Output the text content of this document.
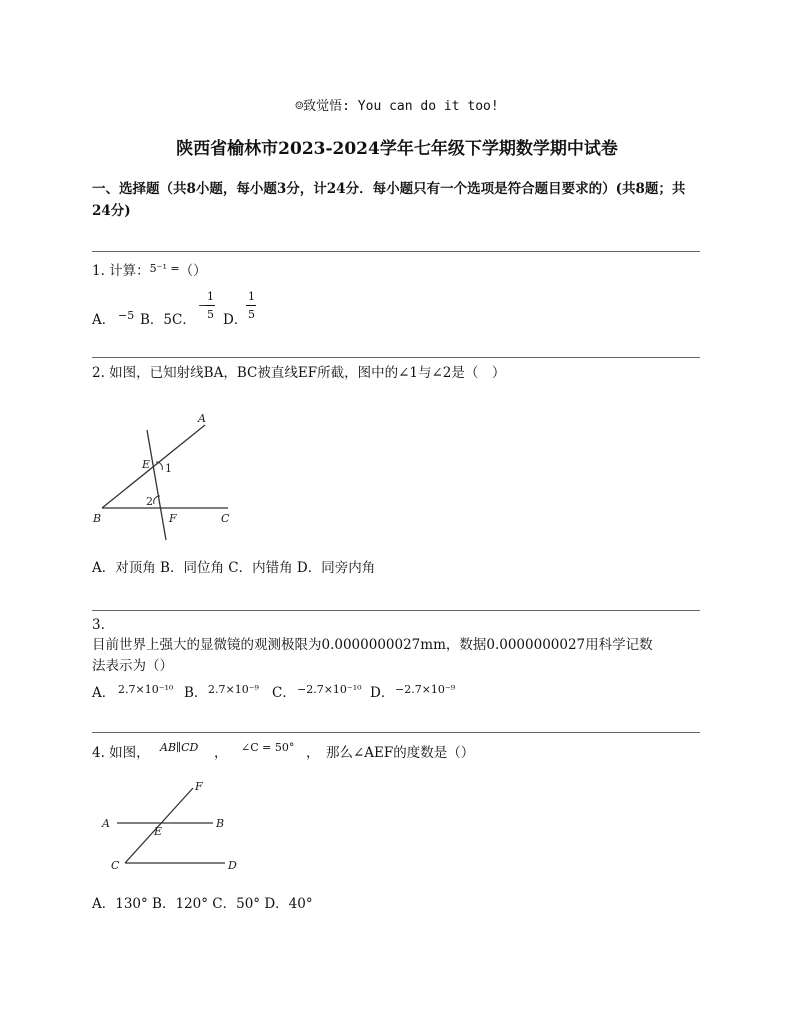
☺致觉悟: You can do it too!
陕西省榆林市2023-2024学年七年级下学期数学期中试卷
一、选择题（共8小题，每小题3分，计24分．每小题只有一个选项是符合题目要求的）(共8题；共24分)
1. 计算：$^{5^{-1} =}$（）
A． −5 B．5 C．
−
1
5 D．
1
5
2. 如图，已知射线BA，BC被直线EF所截，图中的∠1与∠2是（　）
A
B	C
E
F
1
2
A．对顶角 B．同位角 C．内错角 D．同旁内角
3.
目前世界上强大的显微镜的观测极限为0.0000000027mm，数据0.0000000027用科学记数
法表示为（）
A． 2.7×10⁻¹⁰ B． 2.7×10⁻⁹ C． −2.7×10⁻¹⁰ D． −2.7×10⁻⁹
4. 如图， AB∥CD ， ∠C = 50° ， 那么∠AEF的度数是（）
F
A	B
E
C	D
A．130° B．120° C．50° D．40°
